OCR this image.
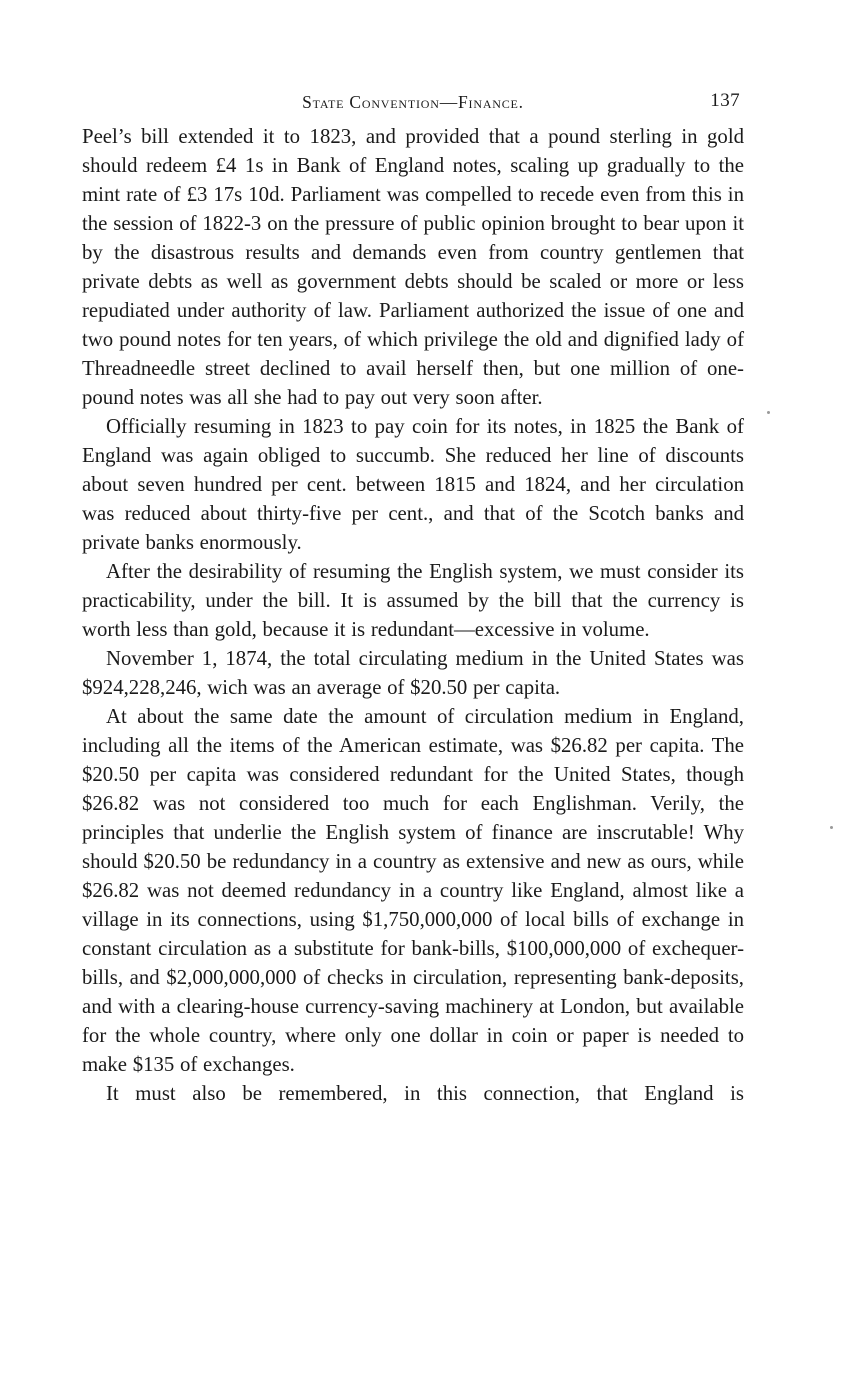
State Convention—Finance.	137

Peel’s bill extended it to 1823, and provided that a pound sterling in gold should redeem £4 1s in Bank of England notes, scaling up gradually to the mint rate of £3 17s 10d. Parliament was compelled to recede even from this in the session of 1822-3 on the pressure of public opinion brought to bear upon it by the disastrous results and demands even from country gentlemen that private debts as well as government debts should be scaled or more or less repudiated under authority of law. Parliament authorized the issue of one and two pound notes for ten years, of which privilege the old and dignified lady of Threadneedle street declined to avail herself then, but one million of one-pound notes was all she had to pay out very soon after.

Officially resuming in 1823 to pay coin for its notes, in 1825 the Bank of England was again obliged to succumb. She reduced her line of discounts about seven hundred per cent. between 1815 and 1824, and her circulation was reduced about thirty-five per cent., and that of the Scotch banks and private banks enormously.

After the desirability of resuming the English system, we must consider its practicability, under the bill. It is assumed by the bill that the currency is worth less than gold, because it is redundant—excessive in volume.

November 1, 1874, the total circulating medium in the United States was $924,228,246, wich was an average of $20.50 per capita.

At about the same date the amount of circulation medium in England, including all the items of the American estimate, was $26.82 per capita. The $20.50 per capita was considered redundant for the United States, though $26.82 was not considered too much for each Englishman. Verily, the principles that underlie the English system of finance are inscrutable! Why should $20.50 be redundancy in a country as extensive and new as ours, while $26.82 was not deemed redundancy in a country like England, almost like a village in its connections, using $1,750,000,000 of local bills of exchange in constant circulation as a substitute for bank-bills, $100,000,000 of exchequer-bills, and $2,000,000,000 of checks in circulation, representing bank-deposits, and with a clearing-house currency-saving machinery at London, but available for the whole country, where only one dollar in coin or paper is needed to make $135 of exchanges.

It must also be remembered, in this connection, that England is
